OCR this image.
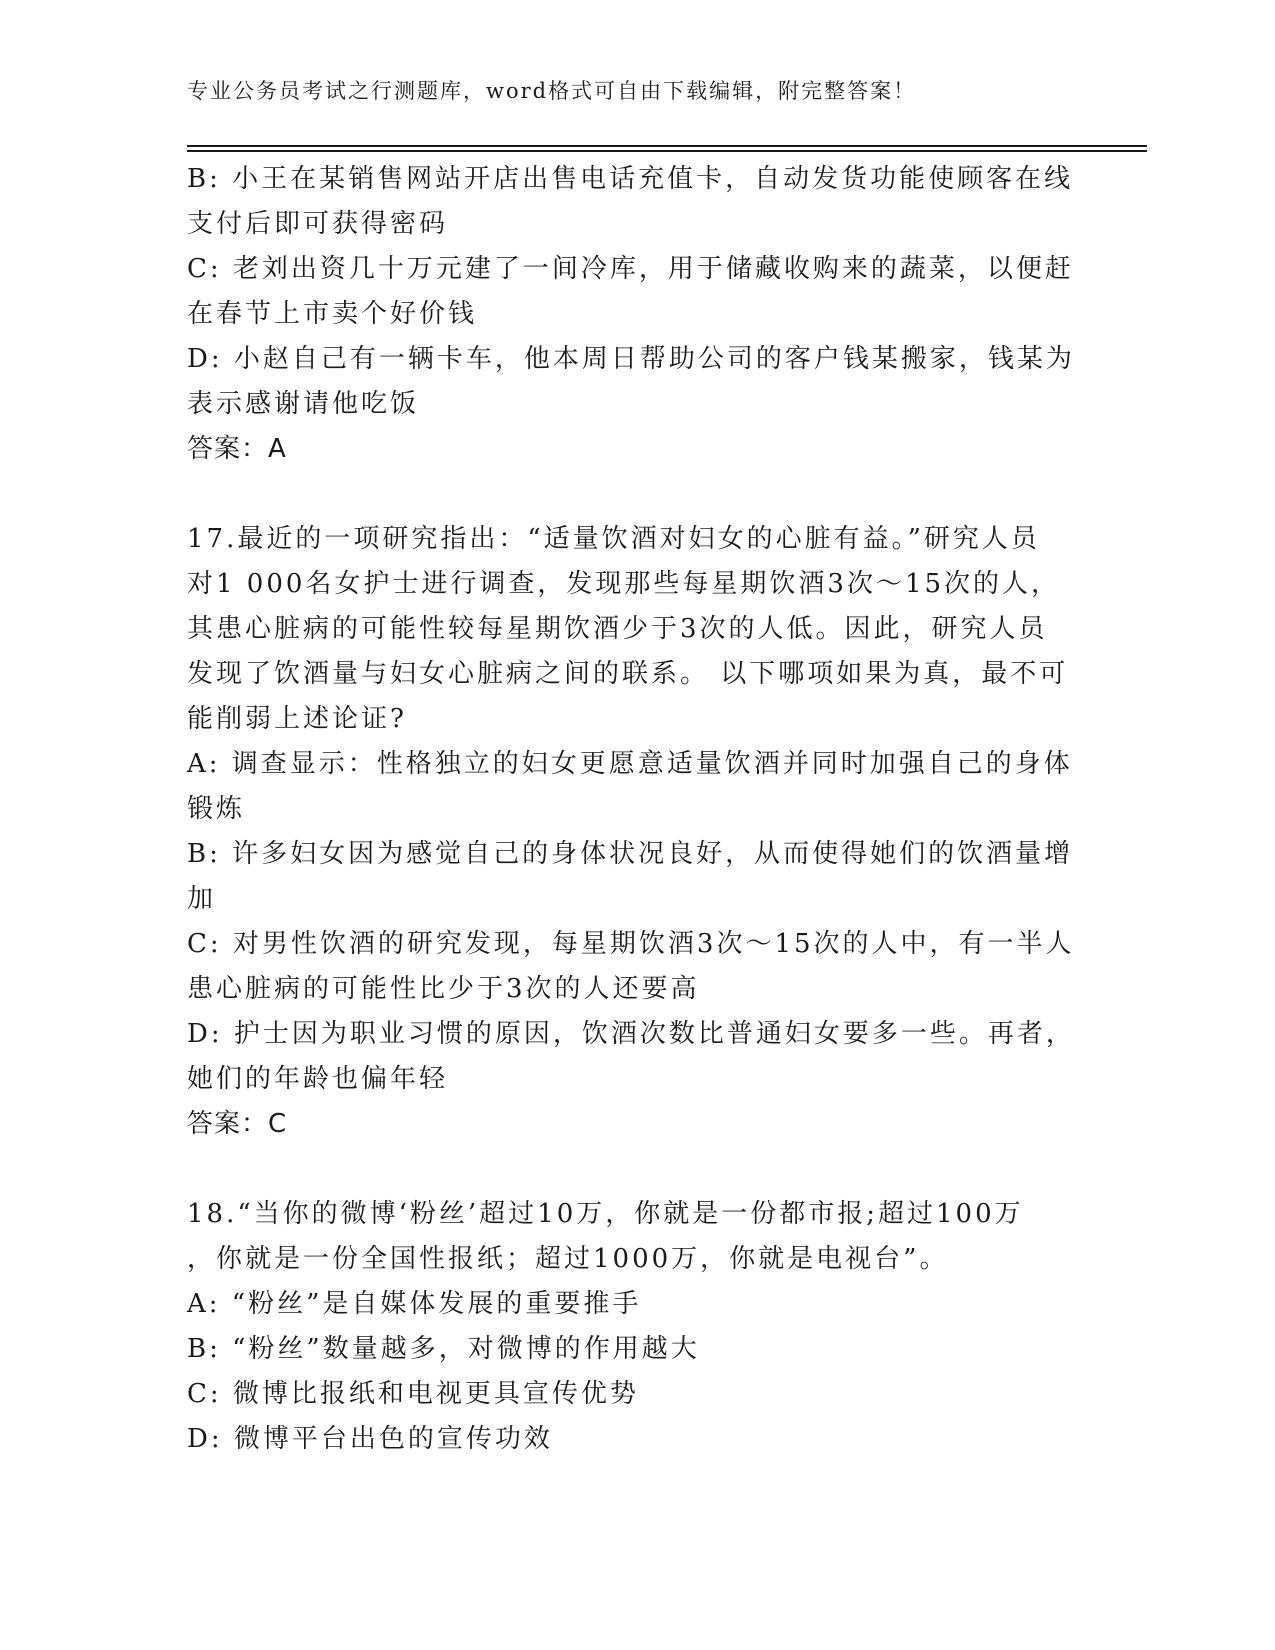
专业公务员考试之行测题库，word格式可自由下载编辑，附完整答案！
B: 小王在某销售网站开店出售电话充值卡，自动发货功能使顾客在线
支付后即可获得密码
C: 老刘出资几十万元建了一间冷库，用于储藏收购来的蔬菜，以便赶
在春节上市卖个好价钱
D: 小赵自己有一辆卡车，他本周日帮助公司的客户钱某搬家，钱某为
表示感谢请他吃饭
答案：A
17.最近的一项研究指出：“适量饮酒对妇女的心脏有益。”研究人员
对1 000名女护士进行调查，发现那些每星期饮酒3次～15次的人，
其患心脏病的可能性较每星期饮酒少于3次的人低。因此，研究人员
发现了饮酒量与妇女心脏病之间的联系。 以下哪项如果为真，最不可
能削弱上述论证?
A: 调查显示：性格独立的妇女更愿意适量饮酒并同时加强自己的身体
锻炼
B: 许多妇女因为感觉自己的身体状况良好，从而使得她们的饮酒量增
加
C: 对男性饮酒的研究发现，每星期饮酒3次～15次的人中，有一半人
患心脏病的可能性比少于3次的人还要高
D: 护士因为职业习惯的原因，饮酒次数比普通妇女要多一些。再者，
她们的年龄也偏年轻
答案：C
18.“当你的微博‘粉丝’超过10万，你就是一份都市报;超过100万
，你就是一份全国性报纸；超过1000万，你就是电视台”。
A: “粉丝”是自媒体发展的重要推手
B: “粉丝”数量越多，对微博的作用越大
C: 微博比报纸和电视更具宣传优势
D: 微博平台出色的宣传功效
